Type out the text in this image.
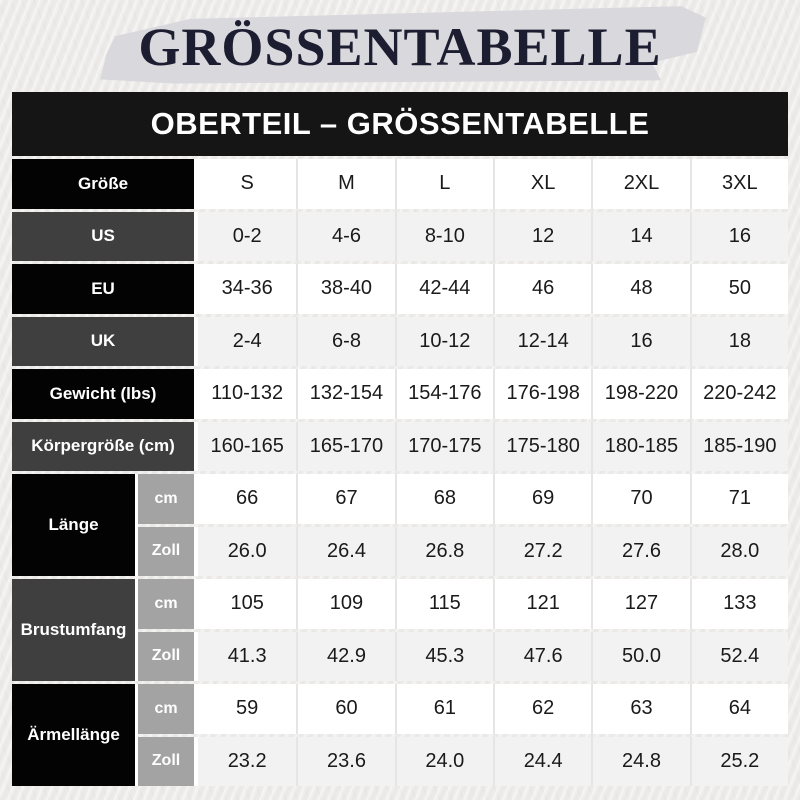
GRÖSSENTABELLE
OBERTEIL – GRÖSSENTABELLE
Größe	S	M	L	XL	2XL	3XL
US	0-2	4-6	8-10	12	14	16
EU	34-36	38-40	42-44	46	48	50
UK	2-4	6-8	10-12	12-14	16	18
Gewicht (lbs)	110-132	132-154	154-176	176-198	198-220	220-242
Körpergröße (cm)	160-165	165-170	170-175	175-180	180-185	185-190
Länge
cm	66	67	68	69	70	71
Zoll	26.0	26.4	26.8	27.2	27.6	28.0
Brustumfang
cm	105	109	115	121	127	133
Zoll	41.3	42.9	45.3	47.6	50.0	52.4
Ärmellänge
cm	59	60	61	62	63	64
Zoll	23.2	23.6	24.0	24.4	24.8	25.2
